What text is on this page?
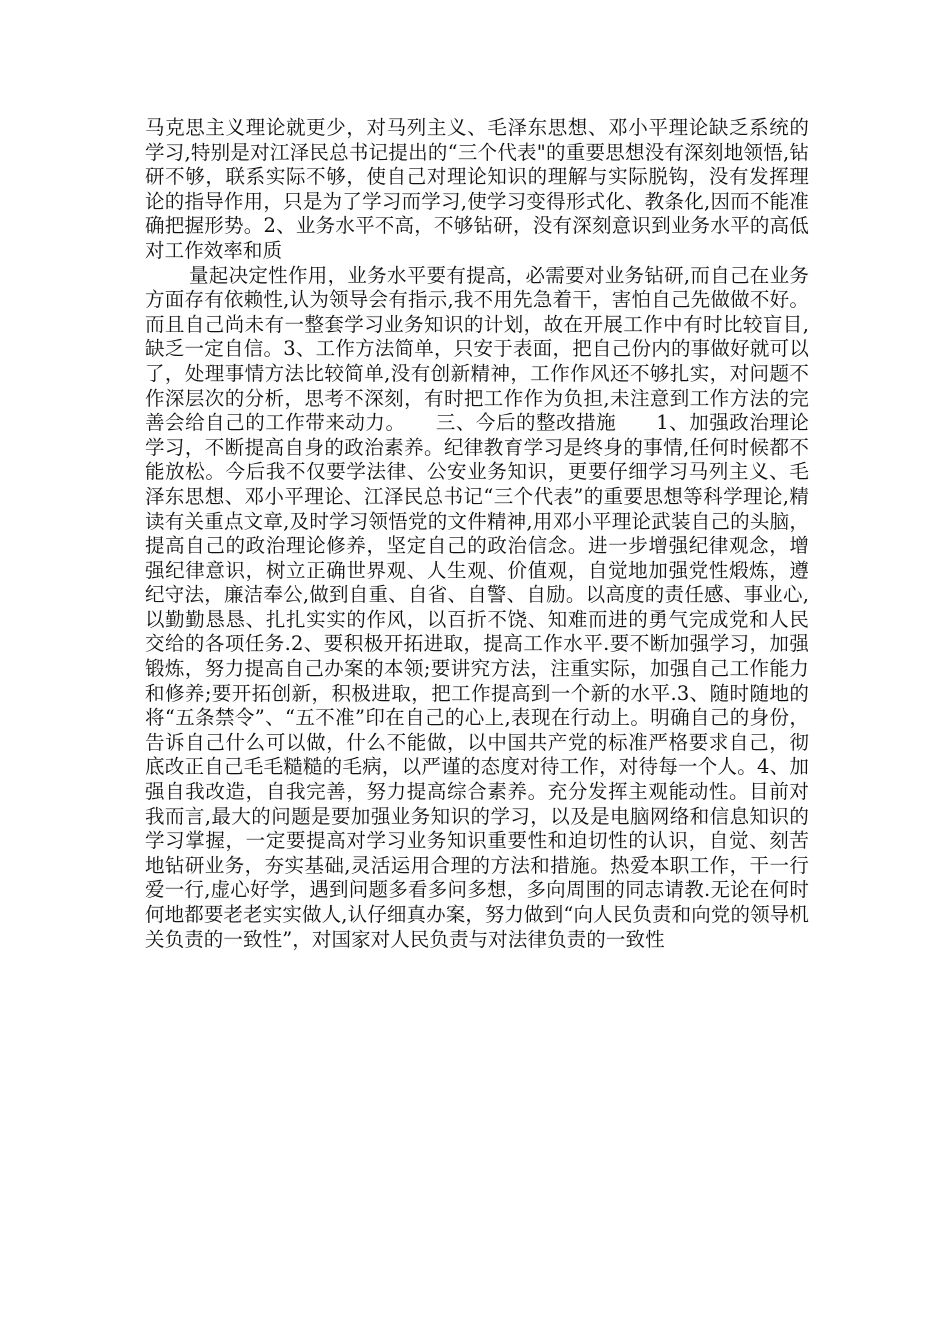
马克思主义理论就更少，对马列主义、毛泽东思想、邓小平理论缺乏系统的学习,特别是对江泽民总书记提出的“三个代表"的重要思想没有深刻地领悟,钻研不够，联系实际不够，使自己对理论知识的理解与实际脱钩，没有发挥理论的指导作用，只是为了学习而学习,使学习变得形式化、教条化,因而不能准确把握形势。2、业务水平不高，不够钻研，没有深刻意识到业务水平的高低对工作效率和质

量起决定性作用，业务水平要有提高，必需要对业务钻研,而自己在业务方面存有依赖性,认为领导会有指示,我不用先急着干，害怕自己先做做不好。而且自己尚未有一整套学习业务知识的计划，故在开展工作中有时比较盲目,缺乏一定自信。3、工作方法简单，只安于表面，把自己份内的事做好就可以了，处理事情方法比较简单,没有创新精神，工作作风还不够扎实，对问题不作深层次的分析，思考不深刻，有时把工作作为负担,未注意到工作方法的完善会给自己的工作带来动力。　　三、今后的整改措施　　1、加强政治理论学习，不断提高自身的政治素养。纪律教育学习是终身的事情,任何时候都不能放松。今后我不仅要学法律、公安业务知识，更要仔细学习马列主义、毛泽东思想、邓小平理论、江泽民总书记“三个代表”的重要思想等科学理论,精读有关重点文章,及时学习领悟党的文件精神,用邓小平理论武装自己的头脑，提高自己的政治理论修养，坚定自己的政治信念。进一步增强纪律观念，增强纪律意识，树立正确世界观、人生观、价值观，自觉地加强党性煅炼，遵纪守法，廉洁奉公,做到自重、自省、自警、自励。以高度的责任感、事业心,以勤勤恳恳、扎扎实实的作风，以百折不饶、知难而进的勇气完成党和人民交给的各项任务.2、要积极开拓进取，提高工作水平.要不断加强学习，加强锻炼，努力提高自己办案的本领;要讲究方法，注重实际，加强自己工作能力和修养;要开拓创新，积极进取，把工作提高到一个新的水平.3、随时随地的将“五条禁令”、“五不准”印在自己的心上,表现在行动上。明确自己的身份，告诉自己什么可以做，什么不能做，以中国共产党的标准严格要求自己，彻底改正自己毛毛糙糙的毛病，以严谨的态度对待工作，对待每一个人。4、加强自我改造，自我完善，努力提高综合素养。充分发挥主观能动性。目前对我而言,最大的问题是要加强业务知识的学习，以及是电脑网络和信息知识的学习掌握，一定要提高对学习业务知识重要性和迫切性的认识，自觉、刻苦地钻研业务，夯实基础,灵活运用合理的方法和措施。热爱本职工作，干一行爱一行,虚心好学，遇到问题多看多问多想，多向周围的同志请教.无论在何时何地都要老老实实做人,认仔细真办案，努力做到“向人民负责和向党的领导机关负责的一致性”，对国家对人民负责与对法律负责的一致性
